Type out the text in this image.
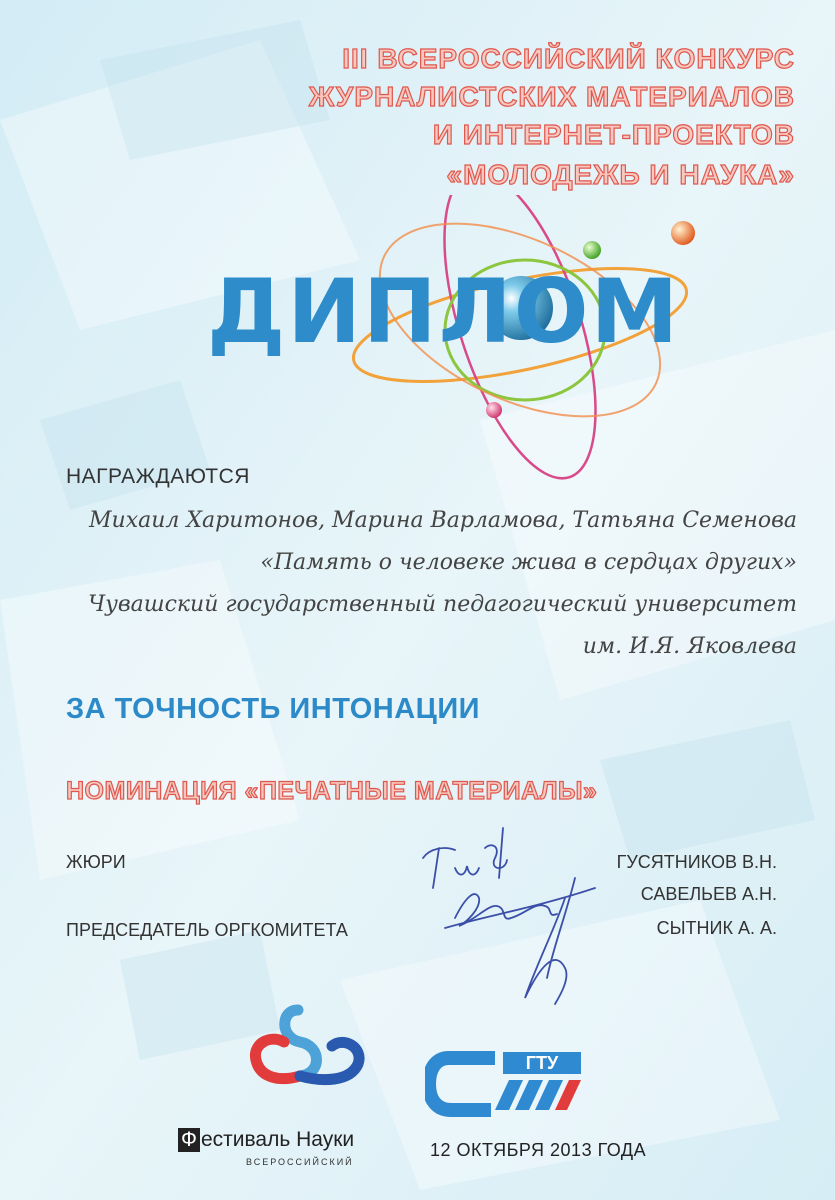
III ВСЕРОССИЙСКИЙ КОНКУРС
ЖУРНАЛИСТСКИХ МАТЕРИАЛОВ
И ИНТЕРНЕТ-ПРОЕКТОВ
«МОЛОДЕЖЬ И НАУКА»
ДИПЛОМ
НАГРАЖДАЮТСЯ
Михаил Харитонов, Марина Варламова, Татьяна Семенова
«Память о человеке жива в сердцах других»
Чувашский государственный педагогический университет
им. И.Я. Яковлева
ЗА ТОЧНОСТЬ ИНТОНАЦИИ
НОМИНАЦИЯ «ПЕЧАТНЫЕ МАТЕРИАЛЫ»
ЖЮРИ
ПРЕДСЕДАТЕЛЬ ОРГКОМИТЕТА
ГУСЯТНИКОВ В.Н.
САВЕЛЬЕВ А.Н.
СЫТНИК А. А.
Ф естиваль Науки
ВСЕРОССИЙСКИЙ
ГТУ
12 ОКТЯБРЯ 2013 ГОДА
